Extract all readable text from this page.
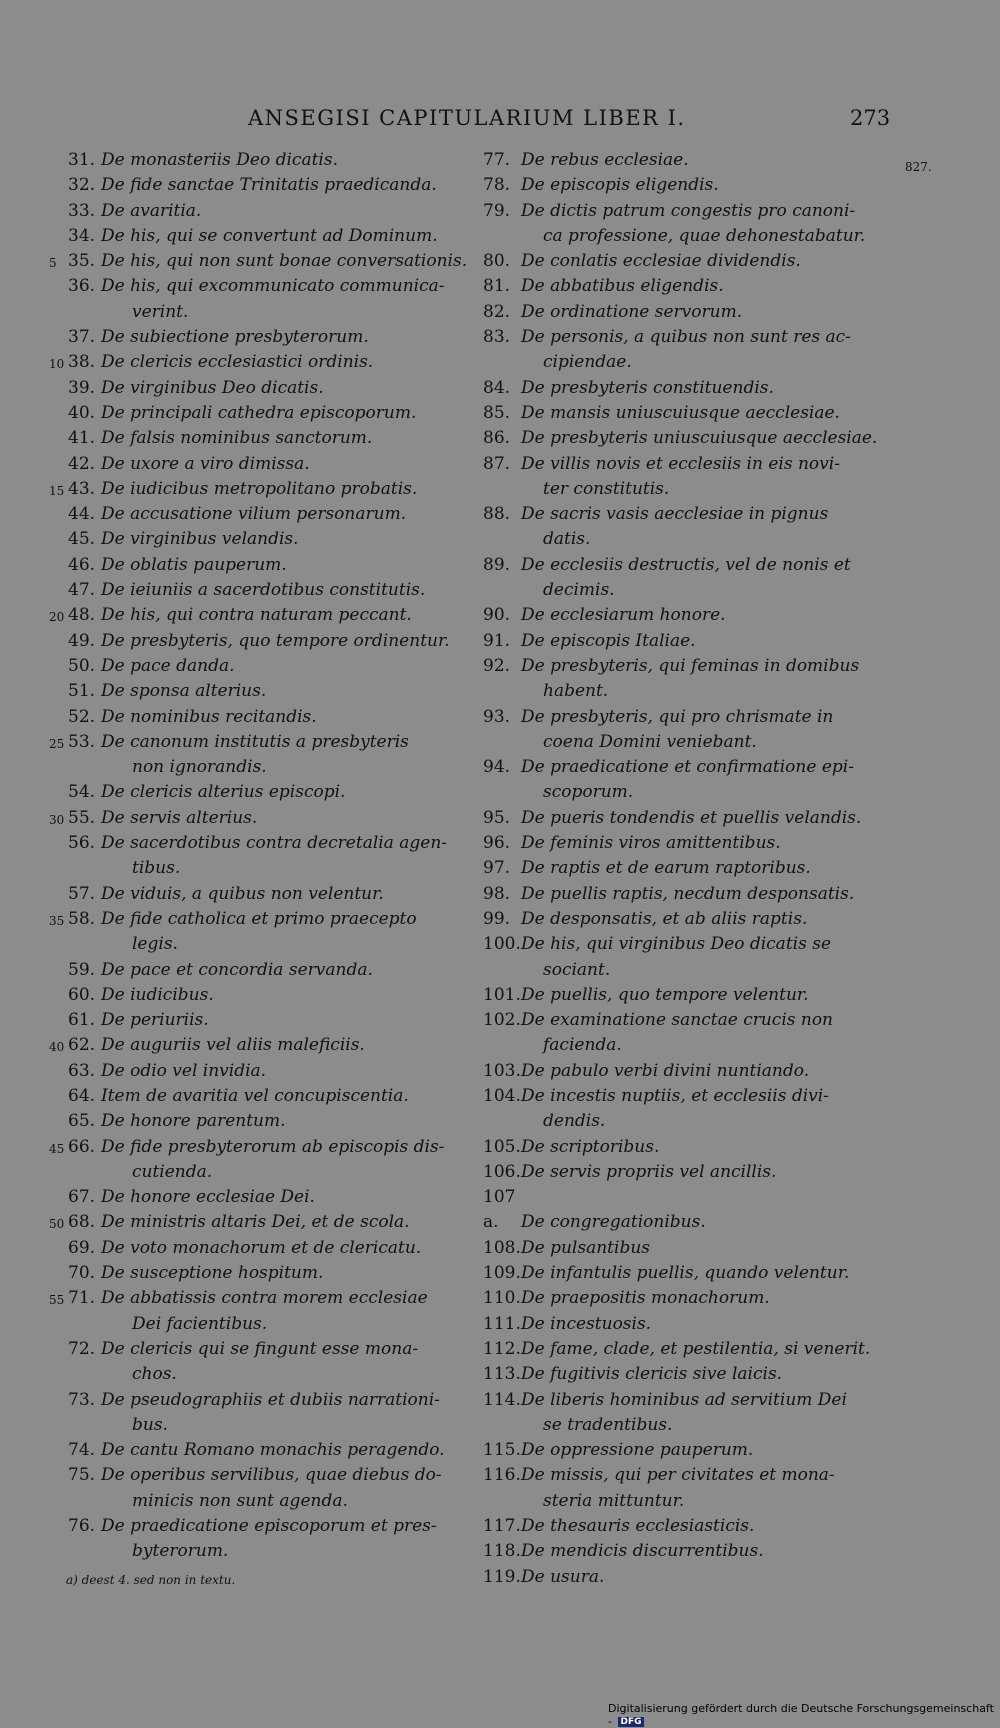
ANSEGISI CAPITULARIUM LIBER I.	273
827.
31. De monasteriis Deo dicatis.
32. De fide sanctae Trinitatis praedicanda.
33. De avaritia.
34. De his, qui se convertunt ad Dominum.
35. De his, qui non sunt bonae conversationis.
36. De his, qui excommunicato communica-
verint.
37. De subiectione presbyterorum.
38. De clericis ecclesiastici ordinis.
39. De virginibus Deo dicatis.
40. De principali cathedra episcoporum.
41. De falsis nominibus sanctorum.
42. De uxore a viro dimissa.
43. De iudicibus metropolitano probatis.
44. De accusatione vilium personarum.
45. De virginibus velandis.
46. De oblatis pauperum.
47. De ieiuniis a sacerdotibus constitutis.
48. De his, qui contra naturam peccant.
49. De presbyteris, quo tempore ordinentur.
50. De pace danda.
51. De sponsa alterius.
52. De nominibus recitandis.
53. De canonum institutis a presbyteris
non ignorandis.
54. De clericis alterius episcopi.
55. De servis alterius.
56. De sacerdotibus contra decretalia agen-
tibus.
57. De viduis, a quibus non velentur.
58. De fide catholica et primo praecepto
legis.
59. De pace et concordia servanda.
60. De iudicibus.
61. De periuriis.
62. De auguriis vel aliis maleficiis.
63. De odio vel invidia.
64. Item de avaritia vel concupiscentia.
65. De honore parentum.
66. De fide presbyterorum ab episcopis dis-
cutienda.
67. De honore ecclesiae Dei.
68. De ministris altaris Dei, et de scola.
69. De voto monachorum et de clericatu.
70. De susceptione hospitum.
71. De abbatissis contra morem ecclesiae
Dei facientibus.
72. De clericis qui se fingunt esse mona-
chos.
73. De pseudographiis et dubiis narrationi-
bus.
74. De cantu Romano monachis peragendo.
75. De operibus servilibus, quae diebus do-
minicis non sunt agenda.
76. De praedicatione episcoporum et pres-
byterorum.
77. De rebus ecclesiae.
78. De episcopis eligendis.
79. De dictis patrum congestis pro canoni-
ca professione, quae dehonestabatur.
80. De conlatis ecclesiae dividendis.
81. De abbatibus eligendis.
82. De ordinatione servorum.
83. De personis, a quibus non sunt res ac-
cipiendae.
84. De presbyteris constituendis.
85. De mansis uniuscuiusque aecclesiae.
86. De presbyteris uniuscuiusque aecclesiae.
87. De villis novis et ecclesiis in eis novi-
ter constitutis.
88. De sacris vasis aecclesiae in pignus
datis.
89. De ecclesiis destructis, vel de nonis et
decimis.
90. De ecclesiarum honore.
91. De episcopis Italiae.
92. De presbyteris, qui feminas in domibus
habent.
93. De presbyteris, qui pro chrismate in
coena Domini veniebant.
94. De praedicatione et confirmatione epi-
scoporum.
95. De pueris tondendis et puellis velandis.
96. De feminis viros amittentibus.
97. De raptis et de earum raptoribus.
98. De puellis raptis, necdum desponsatis.
99. De desponsatis, et ab aliis raptis.
100.De his, qui virginibus Deo dicatis se
sociant.
101.De puellis, quo tempore velentur.
102.De examinatione sanctae crucis non
facienda.
103.De pabulo verbi divini nuntiando.
104.De incestis nuptiis, et ecclesiis divi-
dendis.
105.De scriptoribus.
106.De servis propriis vel ancillis.
107 a. De congregationibus.
108.De pulsantibus
109.De infantulis puellis, quando velentur.
110.De praepositis monachorum.
111.De incestuosis.
112.De fame, clade, et pestilentia, si venerit.
113.De fugitivis clericis sive laicis.
114.De liberis hominibus ad servitium Dei
se tradentibus.
115.De oppressione pauperum.
116.De missis, qui per civitates et mona-
steria mittuntur.
117.De thesauris ecclesiasticis.
118.De mendicis discurrentibus.
119.De usura.
5
10
15
20
25
30
35
40
45
50
55
a) deest 4. sed non in textu.
Digitalisierung gefördert durch die Deutsche Forschungsgemeinschaft - DFG
